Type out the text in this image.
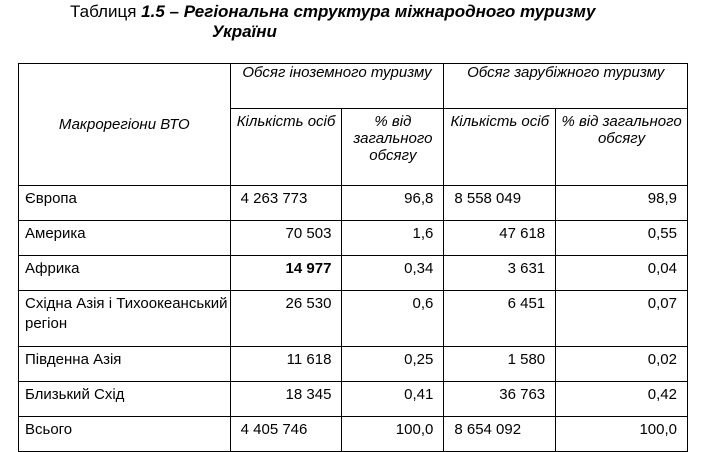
Таблиця 1.5 – Регіональна структура міжнародного туризму
України
Макрорегіони ВТО	Обсяг іноземного туризму		Обсяг зарубіжного туризму	
	Кількість осіб	% від загального обсягу	Кількість осіб	% від загального обсягу
Європа	4 263 773	96,8	8 558 049	98,9
Америка	70 503	1,6	47 618	0,55
Африка	14 977	0,34	3 631	0,04
Східна Азія і Тихоокеанський регіон	26 530	0,6	6 451	0,07
Південна Азія	11 618	0,25	1 580	0,02
Близький Схід	18 345	0,41	36 763	0,42
Всього	4 405 746	100,0	8 654 092	100,0
